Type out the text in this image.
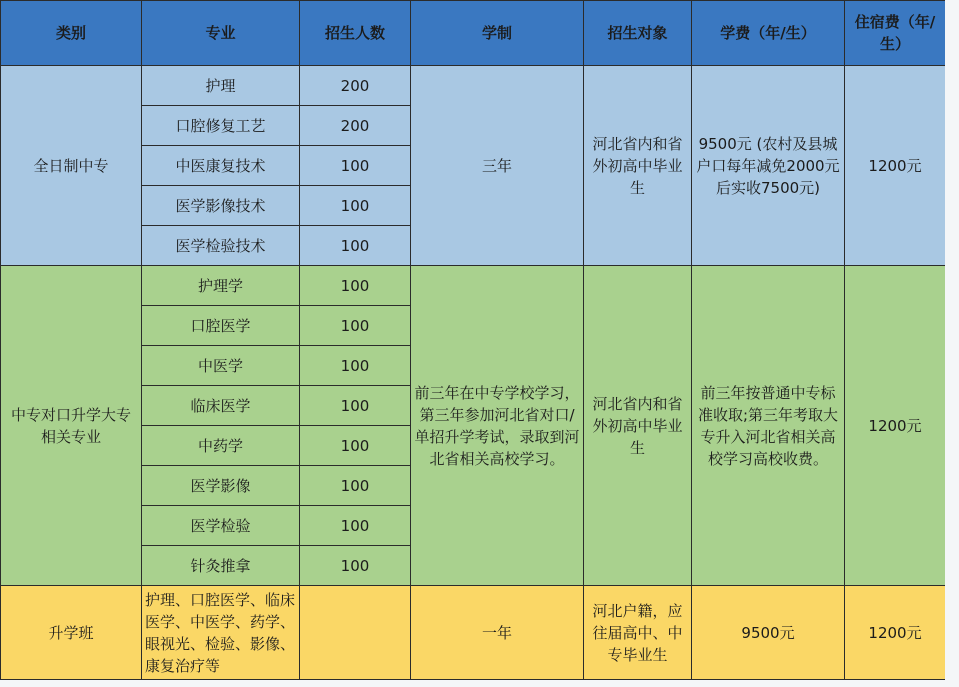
类别	专业	招生人数	学制	招生对象	学费（年/生）	住宿费（年/生）
全日制中专	护理	200	三年	河北省内和省外初高中毕业生	9500元 (农村及县城户口每年减免2000元后实收7500元)	1200元
	口腔修复工艺	200				
	中医康复技术	100				
	医学影像技术	100				
	医学检验技术	100				
中专对口升学大专相关专业	护理学	100	前三年在中专学校学习，第三年参加河北省对口/单招升学考试，录取到河北省相关高校学习。	河北省内和省外初高中毕业生	前三年按普通中专标准收取;第三年考取大专升入河北省相关高校学习高校收费。	1200元
	口腔医学	100				
	中医学	100				
	临床医学	100				
	中药学	100				
	医学影像	100				
	医学检验	100				
	针灸推拿	100				
升学班	护理、口腔医学、临床医学、中医学、药学、眼视光、检验、影像、康复治疗等		一年	河北户籍，应往届高中、中专毕业生	9500元	1200元
